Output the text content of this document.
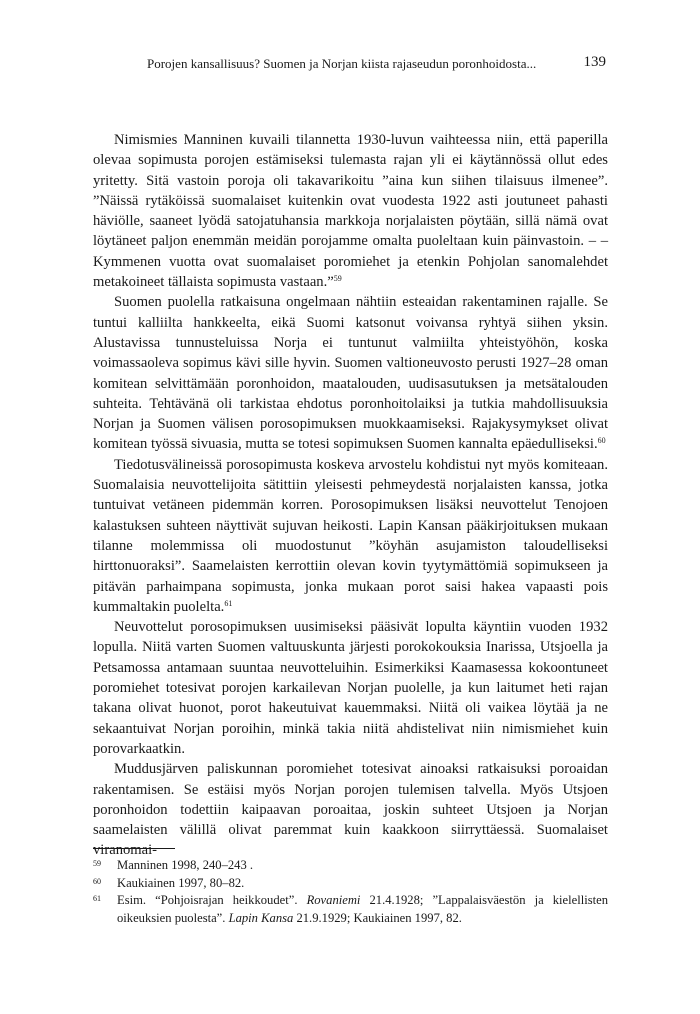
Porojen kansallisuus? Suomen ja Norjan kiista rajaseudun poronhoidosta...	139

Nimismies Manninen kuvaili tilannetta 1930-luvun vaihteessa niin, että paperilla olevaa sopimusta porojen estämiseksi tulemasta rajan yli ei käytännössä ollut edes yritetty. Sitä vastoin poroja oli takavarikoitu ”aina kun siihen tilaisuus ilmenee”. ”Näissä rytäköissä suomalaiset kuitenkin ovat vuodesta 1922 asti joutuneet pahasti häviölle, saaneet lyödä satojatuhansia markkoja norjalaisten pöytään, sillä nämä ovat löytäneet paljon enemmän meidän porojamme omalta puoleltaan kuin päinvastoin. – – Kymmenen vuotta ovat suomalaiset poromiehet ja etenkin Pohjolan sanomalehdet metakoineet tällaista sopimusta vastaan.”$^{59}$

Suomen puolella ratkaisuna ongelmaan nähtiin esteaidan rakentaminen rajalle. Se tuntui kalliilta hankkeelta, eikä Suomi katsonut voivansa ryhtyä siihen yksin. Alustavissa tunnusteluissa Norja ei tuntunut valmiilta yhteistyöhön, koska voimassaoleva sopimus kävi sille hyvin. Suomen valtioneuvosto perusti 1927–28 oman komitean selvittämään poronhoidon, maatalouden, uudisasutuksen ja metsätalouden suhteita. Tehtävänä oli tarkistaa ehdotus poronhoitolaiksi ja tutkia mahdollisuuksia Norjan ja Suomen välisen porosopimuksen muokkaamiseksi. Rajakysymykset olivat komitean työssä sivuasia, mutta se totesi sopimuksen Suomen kannalta epäedulliseksi.$^{60}$

Tiedotusvälineissä porosopimusta koskeva arvostelu kohdistui nyt myös komiteaan. Suomalaisia neuvottelijoita sätittiin yleisesti pehmeydestä norjalaisten kanssa, jotka tuntuivat vetäneen pidemmän korren. Porosopimuksen lisäksi neuvottelut Tenojoen kalastuksen suhteen näyttivät sujuvan heikosti. Lapin Kansan pääkirjoituksen mukaan tilanne molemmissa oli muodostunut ”köyhän asujamiston taloudelliseksi hirttonuoraksi”. Saamelaisten kerrottiin olevan kovin tyytymättömiä sopimukseen ja pitävän parhaimpana sopimusta, jonka mukaan porot saisi hakea vapaasti pois kummaltakin puolelta.$^{61}$

Neuvottelut porosopimuksen uusimiseksi pääsivät lopulta käyntiin vuoden 1932 lopulla. Niitä varten Suomen valtuuskunta järjesti porokokouksia Inarissa, Utsjoella ja Petsamossa antamaan suuntaa neuvotteluihin. Esimerkiksi Kaamasessa kokoontuneet poromiehet totesivat porojen karkailevan Norjan puolelle, ja kun laitumet heti rajan takana olivat huonot, porot hakeutuivat kauemmaksi. Niitä oli vaikea löytää ja ne sekaantuivat Norjan poroihin, minkä takia niitä ahdistelivat niin nimismiehet kuin porovarkaatkin.

Muddusjärven paliskunnan poromiehet totesivat ainoaksi ratkaisuksi poroaidan rakentamisen. Se estäisi myös Norjan porojen tulemisen talvella. Myös Utsjoen poronhoidon todettiin kaipaavan poroaitaa, joskin suhteet Utsjoen ja Norjan saamelaisten välillä olivat paremmat kuin kaakkoon siirryttäessä. Suomalaiset viranomai-

59 Manninen 1998, 240–243 .
60 Kaukiainen 1997, 80–82.
61 Esim. “Pohjoisrajan heikkoudet”. Rovaniemi 21.4.1928; ”Lappalaisväestön ja kielellisten oikeuksien puolesta”. Lapin Kansa 21.9.1929; Kaukiainen 1997, 82.
